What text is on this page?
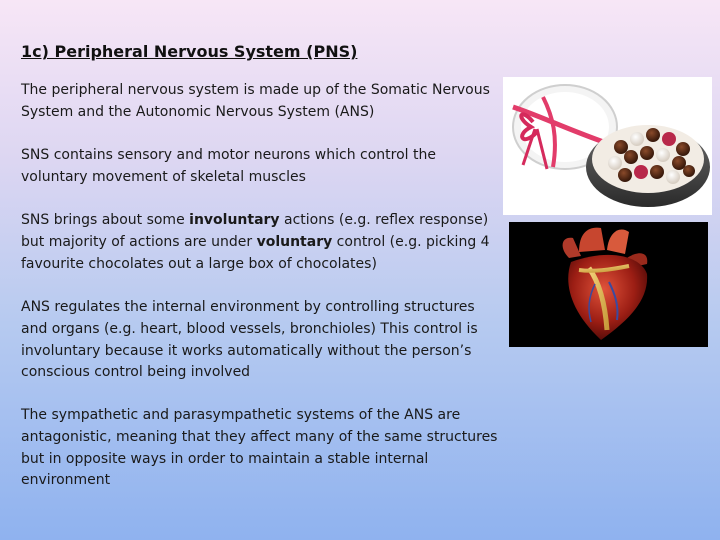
1c) Peripheral Nervous System (PNS)

The peripheral nervous system is made up of the Somatic Nervous System and the Autonomic Nervous System (ANS)

SNS contains sensory and motor neurons which control the voluntary movement of skeletal muscles

SNS brings about some involuntary actions (e.g. reflex response) but majority of actions are under voluntary control (e.g. picking 4 favourite chocolates out a large box of chocolates)

ANS regulates the internal environment by controlling structures and organs (e.g. heart, blood vessels, bronchioles) This control is involuntary because it works automatically without the person’s conscious control being involved

The sympathetic and parasympathetic systems of the ANS are antagonistic, meaning that they affect many of the same structures but in opposite ways in order to maintain a stable internal environment
